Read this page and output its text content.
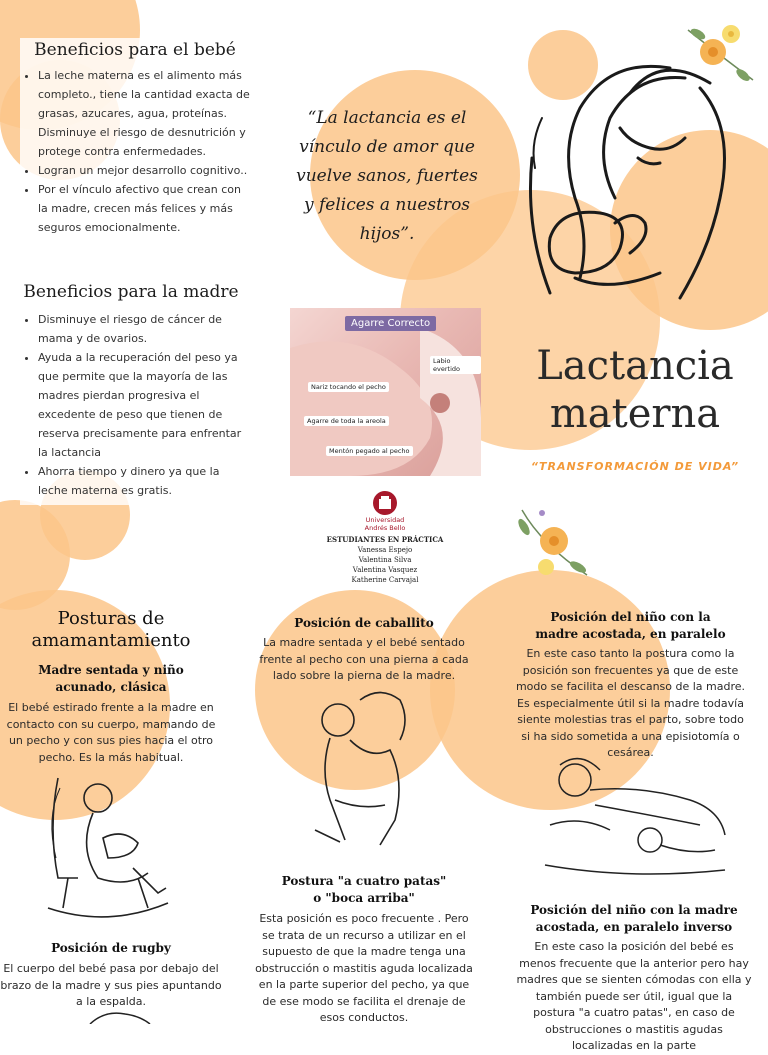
Beneficios para el bebé
• La leche materna es el alimento más completo., tiene la cantidad exacta de grasas, azucares, agua, proteínas. Disminuye el riesgo de desnutrición y protege contra enfermedades.
• Logran un mejor desarrollo cognitivo..
• Por el vínculo afectivo que crean con la madre, crecen más felices y más seguros emocionalmente.
Beneficios para la madre
• Disminuye el riesgo de cáncer de mama y de ovarios.
• Ayuda a la recuperación del peso ya que permite que la mayoría de las madres pierdan progresiva el excedente de peso que tienen de reserva precisamente para enfrentar la lactancia
• Ahorra tiempo y dinero ya que la leche materna es gratis.
“La lactancia es el vínculo de amor que vuelve sanos, fuertes y felices a nuestros hijos”.
Agarre Correcto
Labio evertido
Nariz tocando el pecho
Agarre de toda la areola
Mentón pegado al pecho
Universidad
Andrés Bello
ESTUDIANTES EN PRÁCTICA
Vanessa Espejo
Valentina Silva
Valentina Vasquez
Katherine Carvajal
Lactancia
materna
“TRANSFORMACIÓN DE VIDA”
Posturas de amamantamiento
Madre sentada y niño acunado, clásica
El bebé estirado frente a la madre en contacto con su cuerpo, mamando de un pecho y con sus pies hacia el otro pecho. Es la más habitual.
Posición de rugby
El cuerpo del bebé pasa por debajo del brazo de la madre y sus pies apuntando a la espalda.
Posición de caballito
La madre sentada y el bebé sentado frente al pecho con una pierna a cada lado sobre la pierna de la madre.
Postura "a cuatro patas" o "boca arriba"
Esta posición es poco frecuente . Pero se trata de un recurso a utilizar en el supuesto de que la madre tenga una obstrucción o mastitis aguda localizada en la parte superior del pecho, ya que de ese modo se facilita el drenaje de esos conductos.
Posición del niño con la madre acostada, en paralelo
En este caso tanto la postura como la posición son frecuentes ya que de este modo se facilita el descanso de la madre. Es especialmente útil si la madre todavía siente molestias tras el parto, sobre todo si ha sido sometida a una episiotomía o cesárea.
Posición del niño con la madre acostada, en paralelo inverso
En este caso la posición del bebé es menos frecuente que la anterior pero hay madres que se sienten cómodas con ella y también puede ser útil, igual que la postura "a cuatro patas", en caso de obstrucciones o mastitis agudas localizadas en la parte
